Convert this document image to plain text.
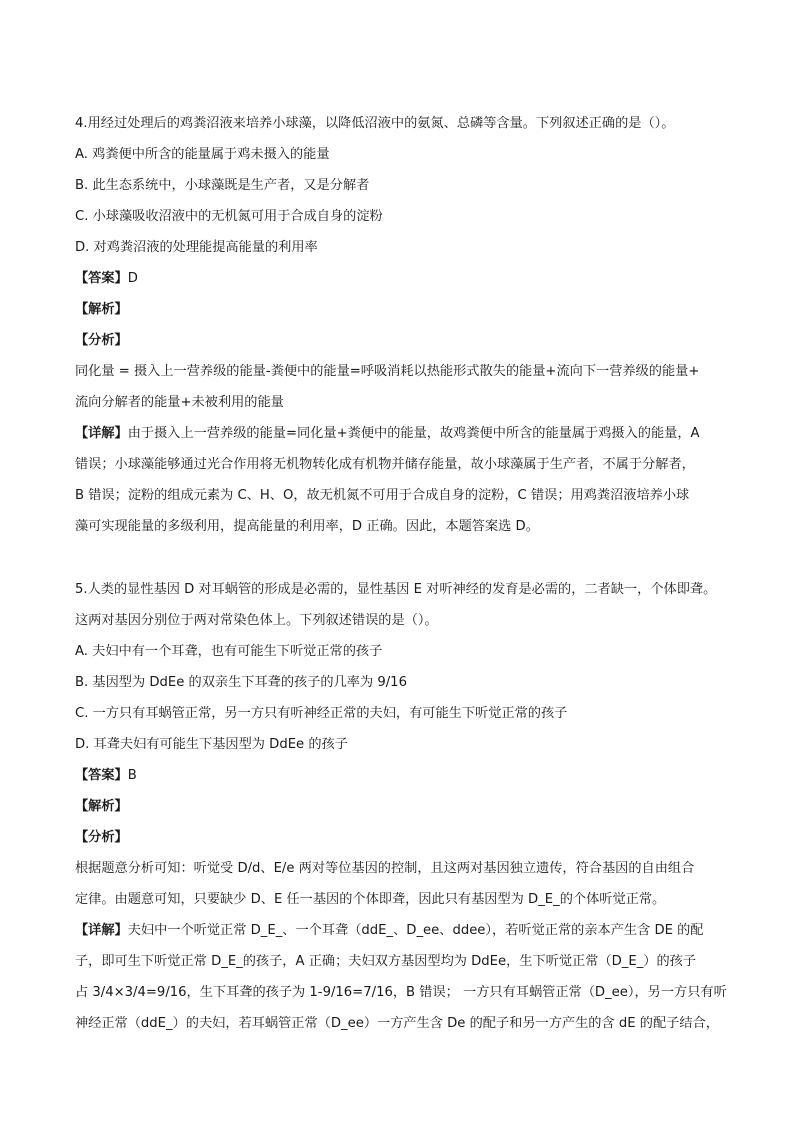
4.用经过处理后的鸡粪沼液来培养小球藻，以降低沼液中的氨氮、总磷等含量。下列叙述正确的是（）。
A. 鸡粪便中所含的能量属于鸡未摄入的能量
B. 此生态系统中，小球藻既是生产者，又是分解者
C. 小球藻吸收沼液中的无机氮可用于合成自身的淀粉
D. 对鸡粪沼液的处理能提高能量的利用率
【答案】D
【解析】
【分析】
同化量 = 摄入上一营养级的能量-粪便中的能量=呼吸消耗以热能形式散失的能量+流向下一营养级的能量+
流向分解者的能量+未被利用的能量
【详解】由于摄入上一营养级的能量=同化量+粪便中的能量，故鸡粪便中所含的能量属于鸡摄入的能量，A
错误；小球藻能够通过光合作用将无机物转化成有机物并储存能量，故小球藻属于生产者，不属于分解者，
B 错误；淀粉的组成元素为 C、H、O，故无机氮不可用于合成自身的淀粉，C 错误；用鸡粪沼液培养小球
藻可实现能量的多级利用，提高能量的利用率，D 正确。因此，本题答案选 D。
5.人类的显性基因 D 对耳蜗管的形成是必需的，显性基因 E 对听神经的发育是必需的，二者缺一，个体即聋。
这两对基因分别位于两对常染色体上。下列叙述错误的是（）。
A. 夫妇中有一个耳聋，也有可能生下听觉正常的孩子
B. 基因型为 DdEe 的双亲生下耳聋的孩子的几率为 9/16
C. 一方只有耳蜗管正常，另一方只有听神经正常的夫妇，有可能生下听觉正常的孩子
D. 耳聋夫妇有可能生下基因型为 DdEe 的孩子
【答案】B
【解析】
【分析】
根据题意分析可知：听觉受 D/d、E/e 两对等位基因的控制，且这两对基因独立遗传，符合基因的自由组合
定律。由题意可知，只要缺少 D、E 任一基因的个体即聋，因此只有基因型为 D_E_的个体听觉正常。
【详解】夫妇中一个听觉正常 D_E_、一个耳聋（ddE_、D_ee、ddee），若听觉正常的亲本产生含 DE 的配
子，即可生下听觉正常 D_E_的孩子，A 正确；夫妇双方基因型均为 DdEe，生下听觉正常（D_E_）的孩子
占 3/4×3/4=9/16，生下耳聋的孩子为 1-9/16=7/16，B 错误； 一方只有耳蜗管正常（D_ee），另一方只有听
神经正常（ddE_）的夫妇，若耳蜗管正常（D_ee）一方产生含 De 的配子和另一方产生的含 dE 的配子结合，
